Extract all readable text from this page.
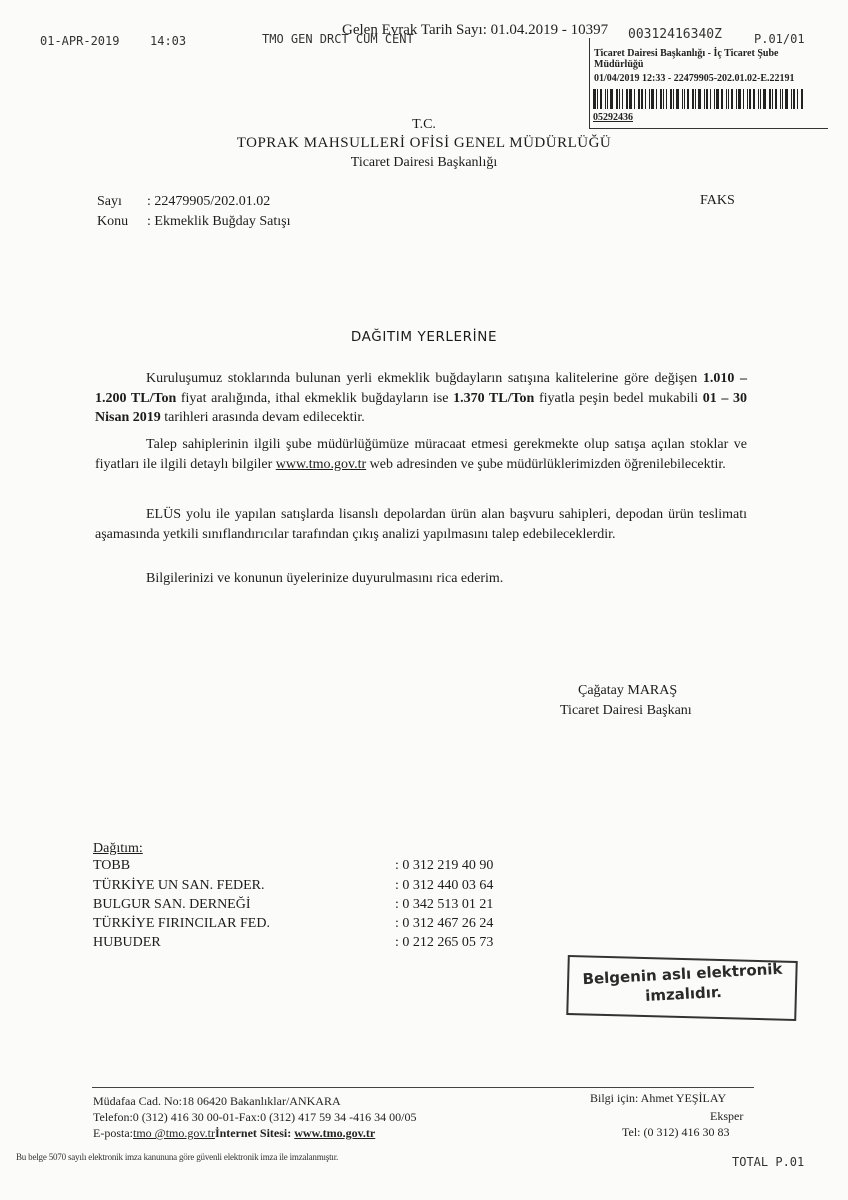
01-APR-2019	14:03	TMO GEN DRCT CUM CENT
Gelen Evrak Tarih Sayı: 01.04.2019 - 10397 00312416340Z	P.01/01
Ticaret Dairesi Başkanlığı - İç Ticaret Şube
Müdürlüğü
01/04/2019 12:33 - 22479905-202.01.02-E.22191
05292436
T.C.
TOPRAK MAHSULLERİ OFİSİ GENEL MÜDÜRLÜĞÜ
Ticaret Dairesi Başkanlığı
Sayı : 22479905/202.01.02
Konu : Ekmeklik Buğday Satışı
FAKS
DAĞITIM YERLERİNE

Kuruluşumuz stoklarında bulunan yerli ekmeklik buğdayların satışına kalitelerine göre değişen 1.010 – 1.200 TL/Ton fiyat aralığında, ithal ekmeklik buğdayların ise 1.370 TL/Ton fiyatla peşin bedel mukabili 01 – 30 Nisan 2019 tarihleri arasında devam edilecektir.

Talep sahiplerinin ilgili şube müdürlüğümüze müracaat etmesi gerekmekte olup satışa açılan stoklar ve fiyatları ile ilgili detaylı bilgiler www.tmo.gov.tr web adresinden ve şube müdürlüklerimizden öğrenilebilecektir.

ELÜS yolu ile yapılan satışlarda lisanslı depolardan ürün alan başvuru sahipleri, depodan ürün teslimatı aşamasında yetkili sınıflandırıcılar tarafından çıkış analizi yapılmasını talep edebileceklerdir.

Bilgilerinizi ve konunun üyelerinize duyurulmasını rica ederim.

Çağatay MARAŞ
Ticaret Dairesi Başkanı
Dağıtım:
TOBB	: 0 312 219 40 90
TÜRKİYE UN SAN. FEDER.	: 0 312 440 03 64
BULGUR SAN. DERNEĞİ	: 0 342 513 01 21
TÜRKİYE FIRINCILAR FED.	: 0 312 467 26 24
HUBUDER	: 0 212 265 05 73
Belgenin aslı elektronik
imzalıdır.
Müdafaa Cad. No:18 06420 Bakanlıklar/ANKARA
Telefon:0 (312) 416 30 00-01-Fax:0 (312) 417 59 34 -416 34 00/05
E-posta:tmo @tmo.gov.trİnternet Sitesi: www.tmo.gov.tr
Bilgi için: Ahmet YEŞİLAY
Eksper
Tel: (0 312) 416 30 83
Bu belge 5070 sayılı elektronik imza kanununa göre güvenli elektronik imza ile imzalanmıştır.	TOTAL P.01
